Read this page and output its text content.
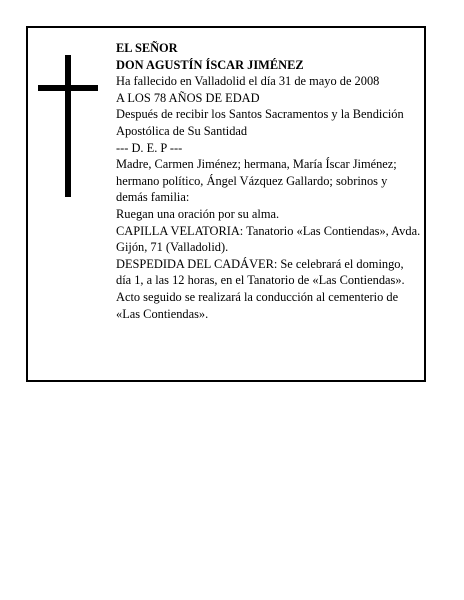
EL SEÑOR

DON AGUSTÍN ÍSCAR JIMÉNEZ

Ha fallecido en Valladolid el día 31 de mayo de 2008

A LOS 78 AÑOS DE EDAD

Después de recibir los Santos Sacramentos y la Bendición Apostólica de Su Santidad

--- D. E. P ---

Madre, Carmen Jiménez; hermana, María Íscar Jiménez; hermano político, Ángel Vázquez Gallardo; sobrinos y demás familia:

Ruegan una oración por su alma.

CAPILLA VELATORIA: Tanatorio «Las Contiendas», Avda. Gijón, 71 (Valladolid).

DESPEDIDA DEL CADÁVER: Se celebrará el domingo, día 1, a las 12 horas, en el Tanatorio de «Las Contiendas». Acto seguido se realizará la conducción al cementerio de «Las Contiendas».
